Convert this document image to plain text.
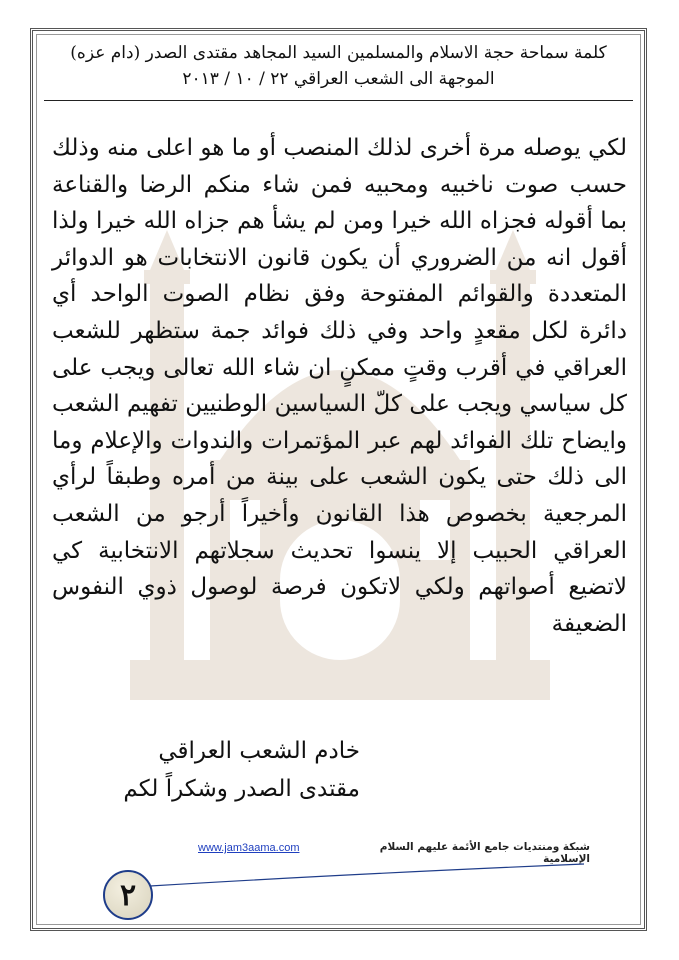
كلمة سماحة حجة الاسلام والمسلمين السيد المجاهد مقتدى الصدر (دام عزه)
الموجهة الى الشعب العراقي ٢٢ / ١٠ / ٢٠١٣
لكي يوصله مرة أخرى لذلك المنصب أو ما هو اعلى منه وذلك حسب صوت ناخبيه ومحبيه فمن شاء منكم الرضا والقناعة بما أقوله فجزاه الله خيرا ومن لم يشأ هم جزاه الله خيرا ولذا أقول انه من الضروري أن يكون قانون الانتخابات هو الدوائر المتعددة والقوائم المفتوحة وفق نظام الصوت الواحد أي دائرة لكل مقعدٍ واحد وفي ذلك فوائد جمة ستظهر للشعب العراقي في أقرب وقتٍ ممكنٍ ان شاء الله تعالى ويجب على كل سياسي ويجب على كلّ السياسين الوطنيين تفهيم الشعب وايضاح تلك الفوائد لهم عبر المؤتمرات والندوات والإعلام وما الى ذلك حتى يكون الشعب على بينة من أمره وطبقاً لرأي المرجعية بخصوص هذا القانون وأخيراً أرجو من الشعب العراقي الحبيب إلا ينسوا تحديث سجلاتهم الانتخابية كي لاتضيع أصواتهم ولكي لاتكون فرصة لوصول ذوي النفوس الضعيفة
خادم الشعب العراقي
مقتدى الصدر وشكراً لكم
www.jam3aama.com	شبكة ومنتديات جامع الأئمة عليهم السلام الإسلامية
٢
